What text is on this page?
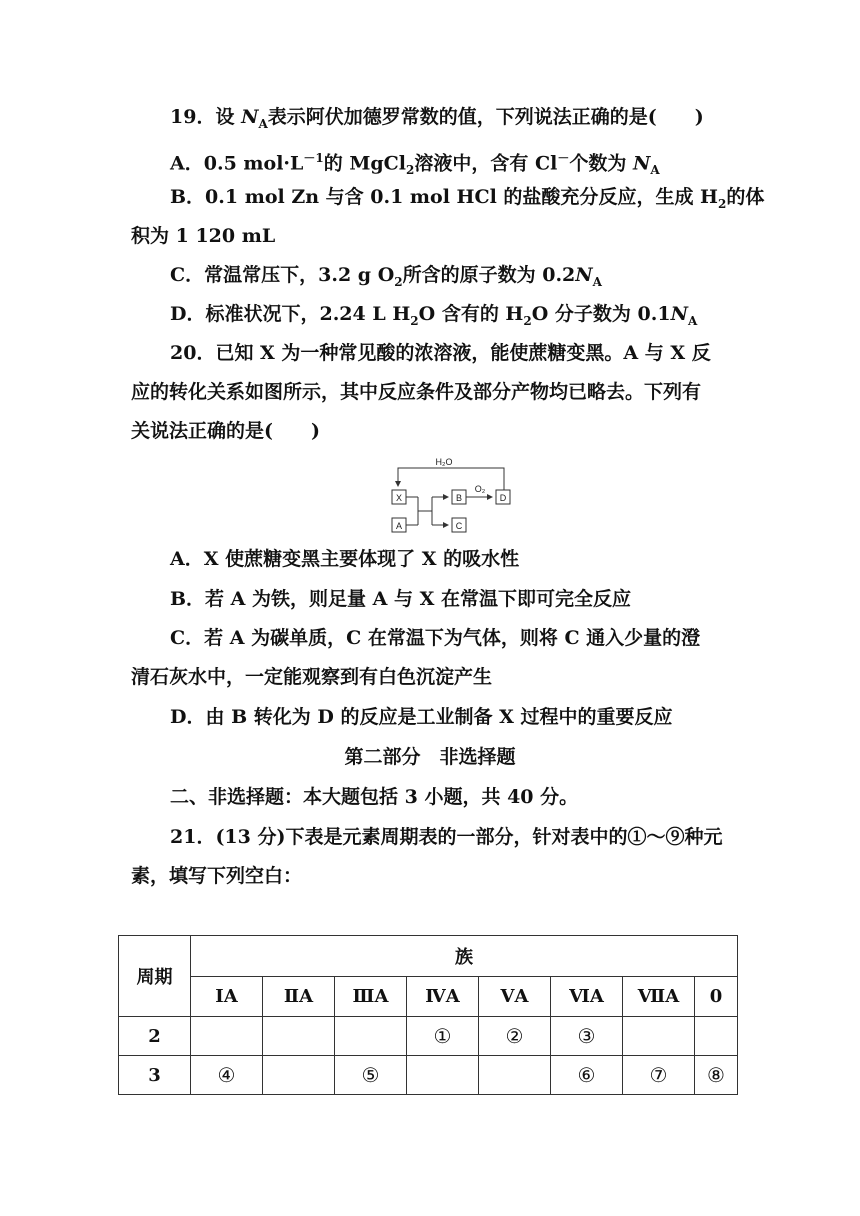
19．设 $N_A$表示阿伏加德罗常数的值，下列说法正确的是(　　)
A．0.5 $mol\cdot L^{-1}$的 MgCl$_2$溶液中，含有 Cl－个数为 $N_A$
B．0.1 mol Zn 与含 0.1 mol HCl 的盐酸充分反应，生成 $H_2$的体
积为 1 120 mL
C．常温常压下，3.2 g $O_2$所含的原子数为 $0.2N_A$
D．标准状况下，2.24 L $H_2O$ 含有的 $H_2O$ 分子数为 $0.1N_A$
20．已知 X 为一种常见酸的浓溶液，能使蔗糖变黑。A 与 X 反
应的转化关系如图所示，其中反应条件及部分产物均已略去。下列有
关说法正确的是(　　)
H₂O
O₂
X
A
B
C
D
A．X 使蔗糖变黑主要体现了 X 的吸水性
B．若 A 为铁，则足量 A 与 X 在常温下即可完全反应
C．若 A 为碳单质，C 在常温下为气体，则将 C 通入少量的澄
清石灰水中，一定能观察到有白色沉淀产生
D．由 B 转化为 D 的反应是工业制备 X 过程中的重要反应
第二部分　非选择题
二、非选择题：本大题包括 3 小题，共 40 分。
21．(13 分)下表是元素周期表的一部分，针对表中的①～⑨种元
素，填写下列空白：
周期	族							
	ⅠA	ⅡA	ⅢA	ⅣA	ⅤA	ⅥA	ⅦA	0
2				①	②	③		
3	④		⑤			⑥	⑦	⑧
